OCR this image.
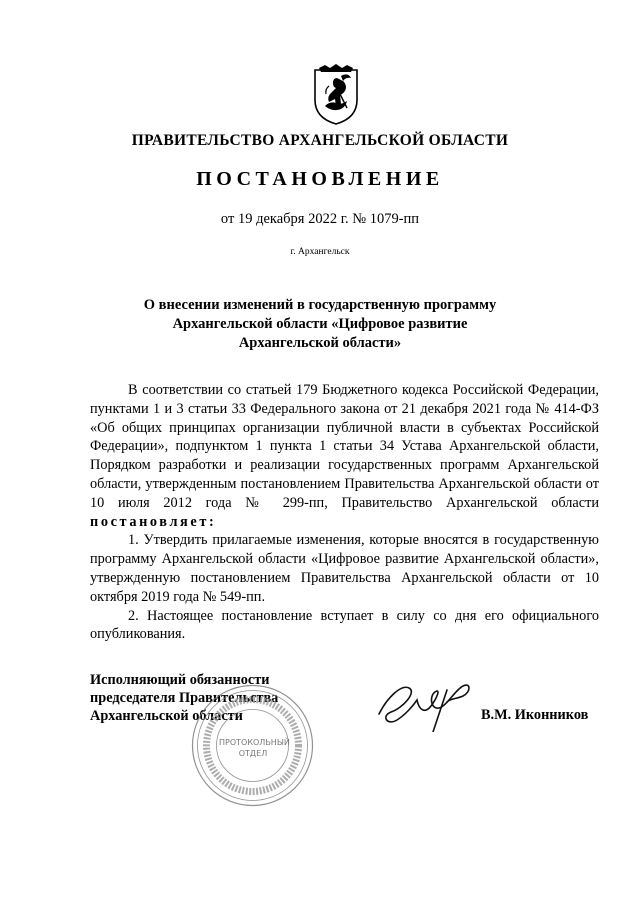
ПРАВИТЕЛЬСТВО АРХАНГЕЛЬСКОЙ ОБЛАСТИ

ПОСТАНОВЛЕНИЕ

от 19 декабря 2022 г. № 1079-пп

г. Архангельск

О внесении изменений в государственную программу
Архангельской области «Цифровое развитие
Архангельской области»

В соответствии со статьей 179 Бюджетного кодекса Российской Федерации, пунктами 1 и 3 статьи 33 Федерального закона от 21 декабря 2021 года № 414-ФЗ «Об общих принципах организации публичной власти в субъектах Российской Федерации», подпунктом 1 пункта 1 статьи 34 Устава Архангельской области, Порядком разработки и реализации государственных программ Архангельской области, утвержденным постановлением Правительства Архангельской области от 10 июля 2012 года № 299-пп, Правительство Архангельской области постановляет:

1. Утвердить прилагаемые изменения, которые вносятся в государственную программу Архангельской области «Цифровое развитие Архангельской области», утвержденную постановлением Правительства Архангельской области от 10 октября 2019 года № 549-пп.

2. Настоящее постановление вступает в силу со дня его официального опубликования.

Исполняющий обязанности
председателя Правительства
Архангельской области
ПРОТОКОЛЬНЫЙ
ОТДЕЛ
В.М. Иконников
